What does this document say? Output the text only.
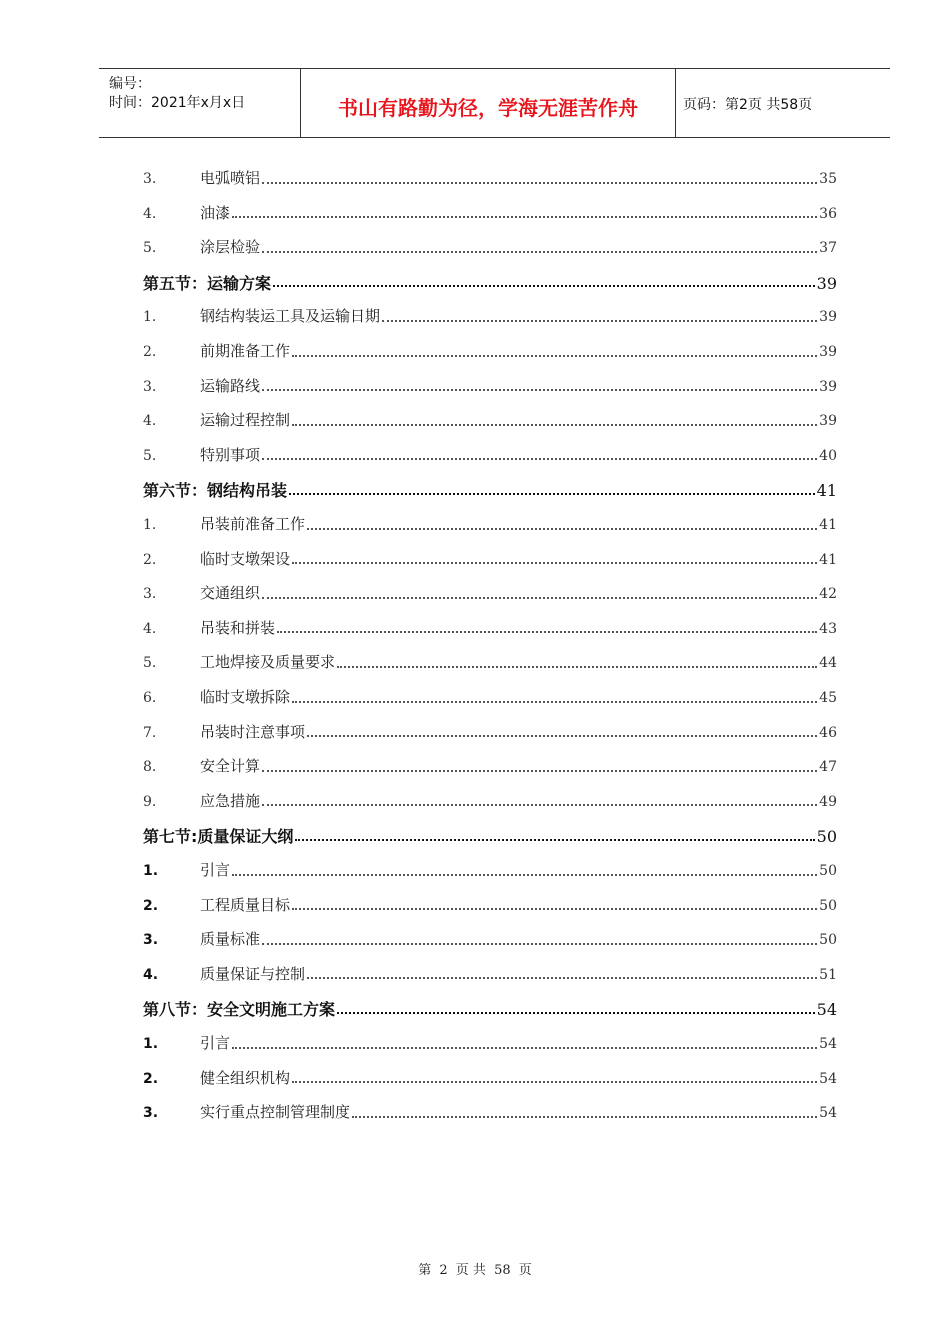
编号：
时间：2021年x月x日	书山有路勤为径，学海无涯苦作舟	页码：第2页 共58页
3.	电弧喷铝	35
4.	油漆	36
5.	涂层检验	37
第五节：运输方案	39
1.	钢结构装运工具及运输日期	39
2.	前期准备工作	39
3.	运输路线	39
4.	运输过程控制	39
5.	特别事项	40
第六节：钢结构吊装	41
1.	吊装前准备工作	41
2.	临时支墩架设	41
3.	交通组织	42
4.	吊装和拼装	43
5.	工地焊接及质量要求	44
6.	临时支墩拆除	45
7.	吊装时注意事项	46
8.	安全计算	47
9.	应急措施	49
第七节:质量保证大纲	50
1.	引言	50
2.	工程质量目标	50
3.	质量标准	50
4.	质量保证与控制	51
第八节：安全文明施工方案	54
1.	引言	54
2.	健全组织机构	54
3.	实行重点控制管理制度	54
第 2 页 共 58 页
